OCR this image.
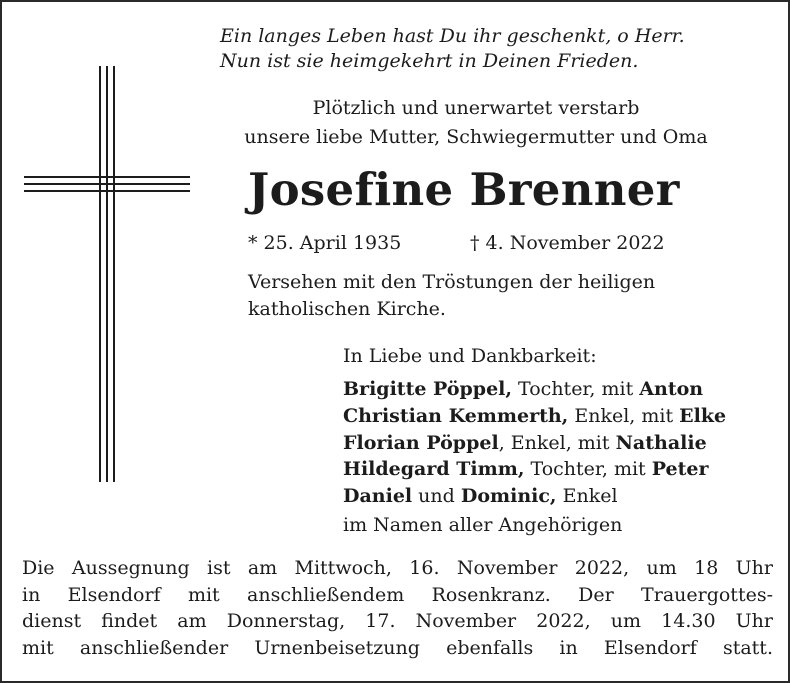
Ein langes Leben hast Du ihr geschenkt, o Herr.
Nun ist sie heimgekehrt in Deinen Frieden.
Plötzlich und unerwartet verstarb
unsere liebe Mutter, Schwiegermutter und Oma
Josefine Brenner
* 25. April 1935	† 4. November 2022
Versehen mit den Tröstungen der heiligen
katholischen Kirche.
In Liebe und Dankbarkeit:
Brigitte Pöppel, Tochter, mit Anton
Christian Kemmerth, Enkel, mit Elke
Florian Pöppel, Enkel, mit Nathalie
Hildegard Timm, Tochter, mit Peter
Daniel und Dominic, Enkel
im Namen aller Angehörigen
Die Aussegnung ist am Mittwoch, 16. November 2022, um 18 Uhr
in Elsendorf mit anschließendem Rosenkranz. Der Trauergottes-
dienst findet am Donnerstag, 17. November 2022, um 14.30 Uhr
mit anschließender Urnenbeisetzung ebenfalls in Elsendorf statt.
